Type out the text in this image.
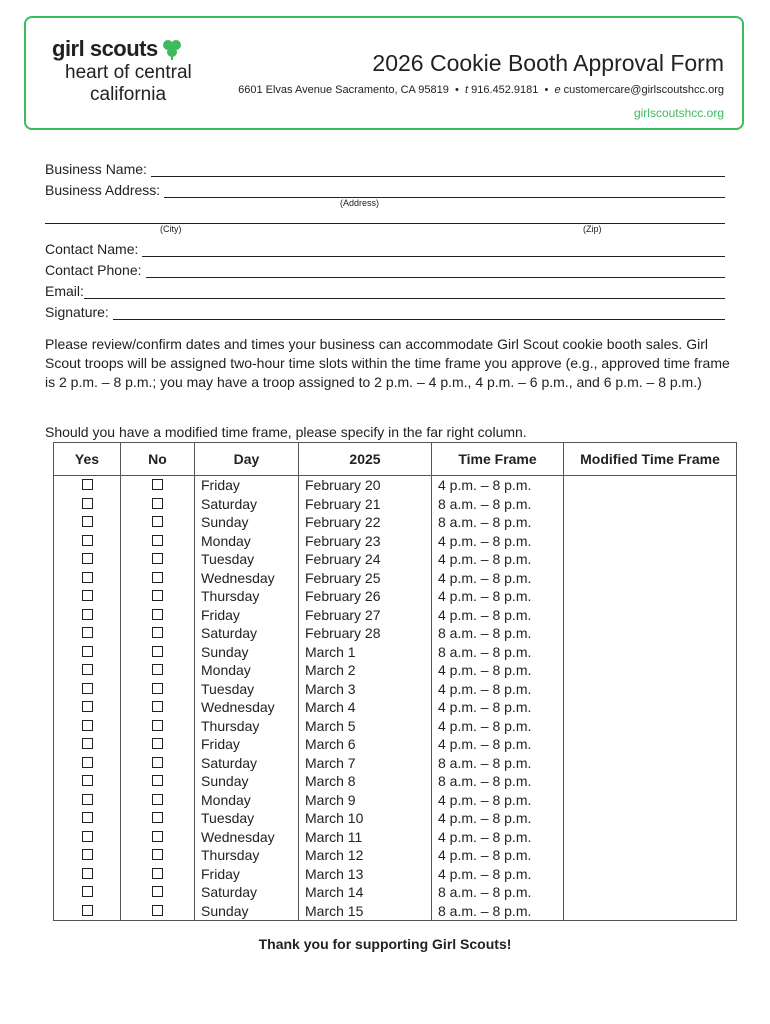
girl scouts
heart of central
california
2026 Cookie Booth Approval Form
6601 Elvas Avenue Sacramento, CA 95819  •  t 916.452.9181  •  e customercare@girlscoutshcc.org
girlscoutshcc.org
Business Name:
Business Address:
(Address)
(City)	(Zip)
Contact Name:
Contact Phone:
Email:
Signature:
Please review/confirm dates and times your business can accommodate Girl Scout cookie booth sales. Girl Scout troops will be assigned two-hour time slots within the time frame you approve (e.g., approved time frame is 2 p.m. – 8 p.m.; you may have a troop assigned to 2 p.m. – 4 p.m., 4 p.m. – 6 p.m., and 6 p.m. – 8 p.m.)
Should you have a modified time frame, please specify in the far right column.
Yes	No	Day	2025	Time Frame	Modified Time Frame
		Friday	February 20	4 p.m. – 8 p.m.	
		Saturday	February 21	8 a.m. – 8 p.m.	
		Sunday	February 22	8 a.m. – 8 p.m.	
		Monday	February 23	4 p.m. – 8 p.m.	
		Tuesday	February 24	4 p.m. – 8 p.m.	
		Wednesday	February 25	4 p.m. – 8 p.m.	
		Thursday	February 26	4 p.m. – 8 p.m.	
		Friday	February 27	4 p.m. – 8 p.m.	
		Saturday	February 28	8 a.m. – 8 p.m.	
		Sunday	March 1	8 a.m. – 8 p.m.	
		Monday	March 2	4 p.m. – 8 p.m.	
		Tuesday	March 3	4 p.m. – 8 p.m.	
		Wednesday	March 4	4 p.m. – 8 p.m.	
		Thursday	March 5	4 p.m. – 8 p.m.	
		Friday	March 6	4 p.m. – 8 p.m.	
		Saturday	March 7	8 a.m. – 8 p.m.	
		Sunday	March 8	8 a.m. – 8 p.m.	
		Monday	March 9	4 p.m. – 8 p.m.	
		Tuesday	March 10	4 p.m. – 8 p.m.	
		Wednesday	March 11	4 p.m. – 8 p.m.	
		Thursday	March 12	4 p.m. – 8 p.m.	
		Friday	March 13	4 p.m. – 8 p.m.	
		Saturday	March 14	8 a.m. – 8 p.m.	
		Sunday	March 15	8 a.m. – 8 p.m.	
Thank you for supporting Girl Scouts!
